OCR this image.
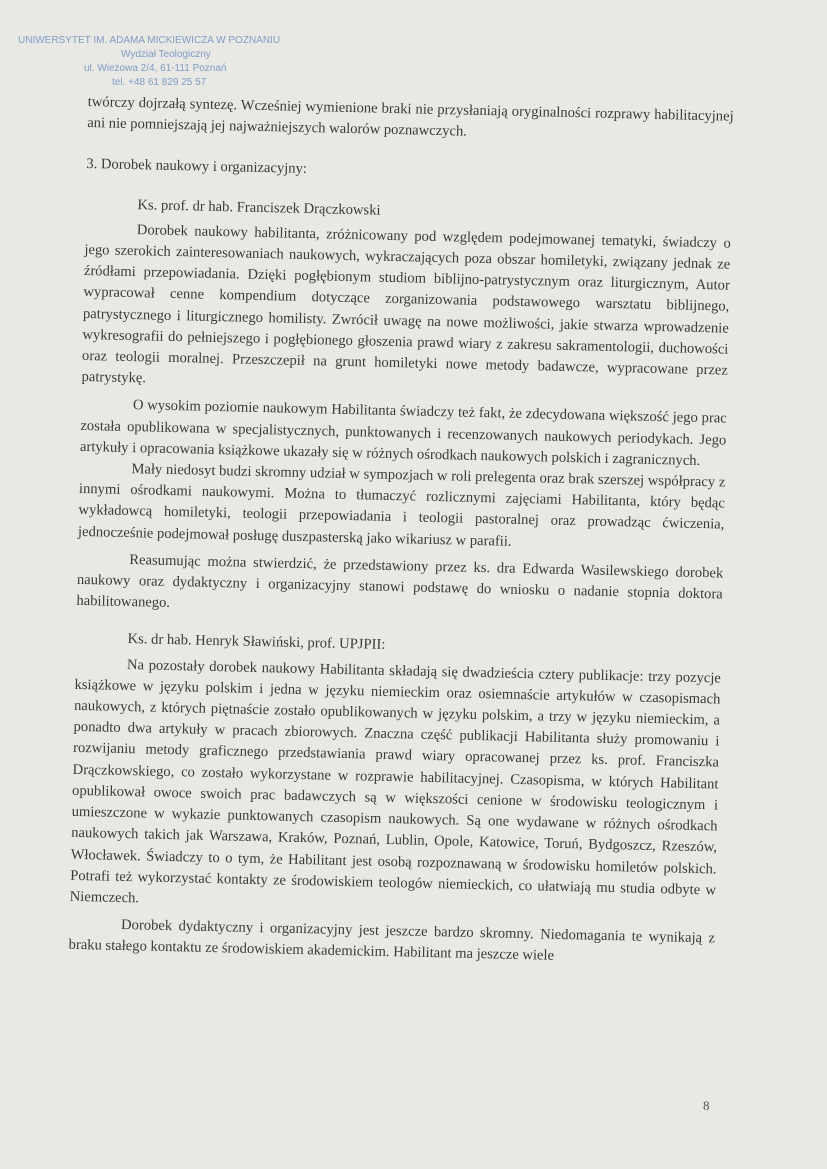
UNIWERSYTET IM. ADAMA MICKIEWICZA W POZNANIU
Wydział Teologiczny
ul. Wieżowa 2/4, 61-111 Poznań
tel. +48 61 829 25 57

twórczy dojrzałą syntezę. Wcześniej wymienione braki nie przysłaniają oryginalności rozprawy habilitacyjnej ani nie pomniejszają jej najważniejszych walorów poznawczych.

3. Dorobek naukowy i organizacyjny:

Ks. prof. dr hab. Franciszek Drączkowski

Dorobek naukowy habilitanta, zróżnicowany pod względem podejmowanej tematyki, świadczy o jego szerokich zainteresowaniach naukowych, wykraczających poza obszar homiletyki, związany jednak ze źródłami przepowiadania. Dzięki pogłębionym studiom biblijno-patrystycznym oraz liturgicznym, Autor wypracował cenne kompendium dotyczące zorganizowania podstawowego warsztatu biblijnego, patrystycznego i liturgicznego homilisty. Zwrócił uwagę na nowe możliwości, jakie stwarza wprowadzenie wykresografii do pełniejszego i pogłębionego głoszenia prawd wiary z zakresu sakramentologii, duchowości oraz teologii moralnej. Przeszczepił na grunt homiletyki nowe metody badawcze, wypracowane przez patrystykę.

O wysokim poziomie naukowym Habilitanta świadczy też fakt, że zdecydowana większość jego prac została opublikowana w specjalistycznych, punktowanych i recenzowanych naukowych periodykach. Jego artykuły i opracowania książkowe ukazały się w różnych ośrodkach naukowych polskich i zagranicznych.

Mały niedosyt budzi skromny udział w sympozjach w roli prelegenta oraz brak szerszej współpracy z innymi ośrodkami naukowymi. Można to tłumaczyć rozlicznymi zajęciami Habilitanta, który będąc wykładowcą homiletyki, teologii przepowiadania i teologii pastoralnej oraz prowadząc ćwiczenia, jednocześnie podejmował posługę duszpasterską jako wikariusz w parafii.

Reasumując można stwierdzić, że przedstawiony przez ks. dra Edwarda Wasilewskiego dorobek naukowy oraz dydaktyczny i organizacyjny stanowi podstawę do wniosku o nadanie stopnia doktora habilitowanego.

Ks. dr hab. Henryk Sławiński, prof. UPJPII:

Na pozostały dorobek naukowy Habilitanta składają się dwadzieścia cztery publikacje: trzy pozycje książkowe w języku polskim i jedna w języku niemieckim oraz osiemnaście artykułów w czasopismach naukowych, z których piętnaście zostało opublikowanych w języku polskim, a trzy w języku niemieckim, a ponadto dwa artykuły w pracach zbiorowych. Znaczna część publikacji Habilitanta służy promowaniu i rozwijaniu metody graficznego przedstawiania prawd wiary opracowanej przez ks. prof. Franciszka Drączkowskiego, co zostało wykorzystane w rozprawie habilitacyjnej. Czasopisma, w których Habilitant opublikował owoce swoich prac badawczych są w większości cenione w środowisku teologicznym i umieszczone w wykazie punktowanych czasopism naukowych. Są one wydawane w różnych ośrodkach naukowych takich jak Warszawa, Kraków, Poznań, Lublin, Opole, Katowice, Toruń, Bydgoszcz, Rzeszów, Włocławek. Świadczy to o tym, że Habilitant jest osobą rozpoznawaną w środowisku homiletów polskich. Potrafi też wykorzystać kontakty ze środowiskiem teologów niemieckich, co ułatwiają mu studia odbyte w Niemczech.

Dorobek dydaktyczny i organizacyjny jest jeszcze bardzo skromny. Niedomagania te wynikają z braku stałego kontaktu ze środowiskiem akademickim. Habilitant ma jeszcze wiele

8
